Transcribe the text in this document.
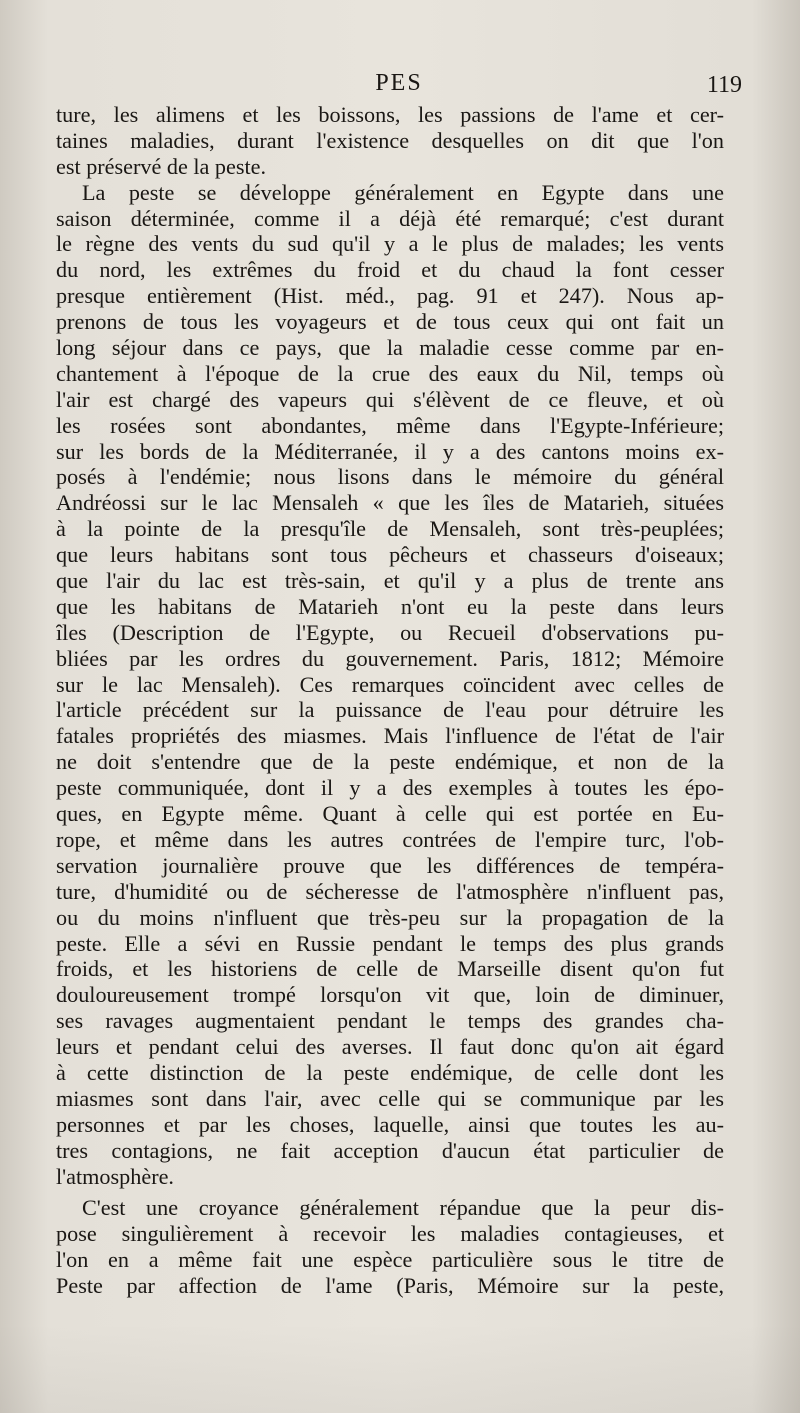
PES	119
ture, les alimens et les boissons, les passions de l'ame et cer-
taines maladies, durant l'existence desquelles on dit que l'on
est préservé de la peste.
La peste se développe généralement en Egypte dans une
saison déterminée, comme il a déjà été remarqué; c'est durant
le règne des vents du sud qu'il y a le plus de malades; les vents
du nord, les extrêmes du froid et du chaud la font cesser
presque entièrement (Hist. méd., pag. 91 et 247). Nous ap-
prenons de tous les voyageurs et de tous ceux qui ont fait un
long séjour dans ce pays, que la maladie cesse comme par en-
chantement à l'époque de la crue des eaux du Nil, temps où
l'air est chargé des vapeurs qui s'élèvent de ce fleuve, et où
les rosées sont abondantes, même dans l'Egypte-Inférieure;
sur les bords de la Méditerranée, il y a des cantons moins ex-
posés à l'endémie; nous lisons dans le mémoire du général
Andréossi sur le lac Mensaleh « que les îles de Matarieh, situées
à la pointe de la presqu'île de Mensaleh, sont très-peuplées;
que leurs habitans sont tous pêcheurs et chasseurs d'oiseaux;
que l'air du lac est très-sain, et qu'il y a plus de trente ans
que les habitans de Matarieh n'ont eu la peste dans leurs
îles (Description de l'Egypte, ou Recueil d'observations pu-
bliées par les ordres du gouvernement. Paris, 1812; Mémoire
sur le lac Mensaleh). Ces remarques coïncident avec celles de
l'article précédent sur la puissance de l'eau pour détruire les
fatales propriétés des miasmes. Mais l'influence de l'état de l'air
ne doit s'entendre que de la peste endémique, et non de la
peste communiquée, dont il y a des exemples à toutes les épo-
ques, en Egypte même. Quant à celle qui est portée en Eu-
rope, et même dans les autres contrées de l'empire turc, l'ob-
servation journalière prouve que les différences de tempéra-
ture, d'humidité ou de sécheresse de l'atmosphère n'influent pas,
ou du moins n'influent que très-peu sur la propagation de la
peste. Elle a sévi en Russie pendant le temps des plus grands
froids, et les historiens de celle de Marseille disent qu'on fut
douloureusement trompé lorsqu'on vit que, loin de diminuer,
ses ravages augmentaient pendant le temps des grandes cha-
leurs et pendant celui des averses. Il faut donc qu'on ait égard
à cette distinction de la peste endémique, de celle dont les
miasmes sont dans l'air, avec celle qui se communique par les
personnes et par les choses, laquelle, ainsi que toutes les au-
tres contagions, ne fait acception d'aucun état particulier de
l'atmosphère.
C'est une croyance généralement répandue que la peur dis-
pose singulièrement à recevoir les maladies contagieuses, et
l'on en a même fait une espèce particulière sous le titre de
Peste par affection de l'ame (Paris, Mémoire sur la peste,
